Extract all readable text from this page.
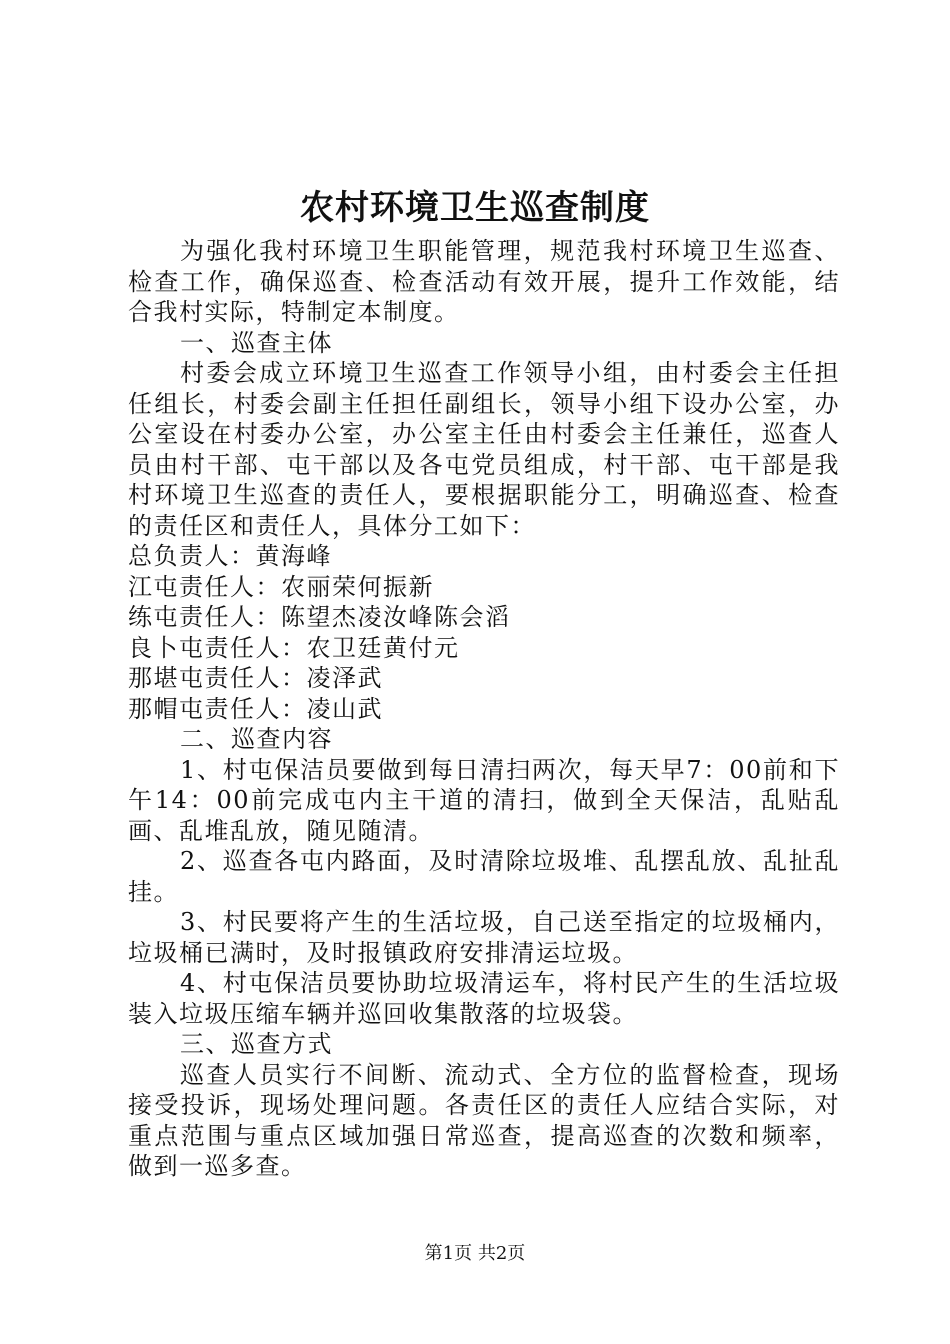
农村环境卫生巡查制度

为强化我村环境卫生职能管理，规范我村环境卫生巡查、检查工作，确保巡查、检查活动有效开展，提升工作效能，结合我村实际，特制定本制度。

一、巡查主体

村委会成立环境卫生巡查工作领导小组，由村委会主任担任组长，村委会副主任担任副组长，领导小组下设办公室，办公室设在村委办公室，办公室主任由村委会主任兼任，巡查人员由村干部、屯干部以及各屯党员组成，村干部、屯干部是我村环境卫生巡查的责任人，要根据职能分工，明确巡查、检查的责任区和责任人，具体分工如下：

总负责人：黄海峰

江屯责任人：农丽荣何振新

练屯责任人：陈望杰凌汝峰陈会滔

良卜屯责任人：农卫廷黄付元

那堪屯责任人：凌泽武

那帽屯责任人：凌山武

二、巡查内容

1、村屯保洁员要做到每日清扫两次，每天早7：00前和下午14：00前完成屯内主干道的清扫，做到全天保洁，乱贴乱画、乱堆乱放，随见随清。

2、巡查各屯内路面，及时清除垃圾堆、乱摆乱放、乱扯乱挂。

3、村民要将产生的生活垃圾，自己送至指定的垃圾桶内，垃圾桶已满时，及时报镇政府安排清运垃圾。

4、村屯保洁员要协助垃圾清运车，将村民产生的生活垃圾装入垃圾压缩车辆并巡回收集散落的垃圾袋。

三、巡查方式

巡查人员实行不间断、流动式、全方位的监督检查，现场接受投诉，现场处理问题。各责任区的责任人应结合实际，对重点范围与重点区域加强日常巡查，提高巡查的次数和频率，做到一巡多查。

第1页 共2页
